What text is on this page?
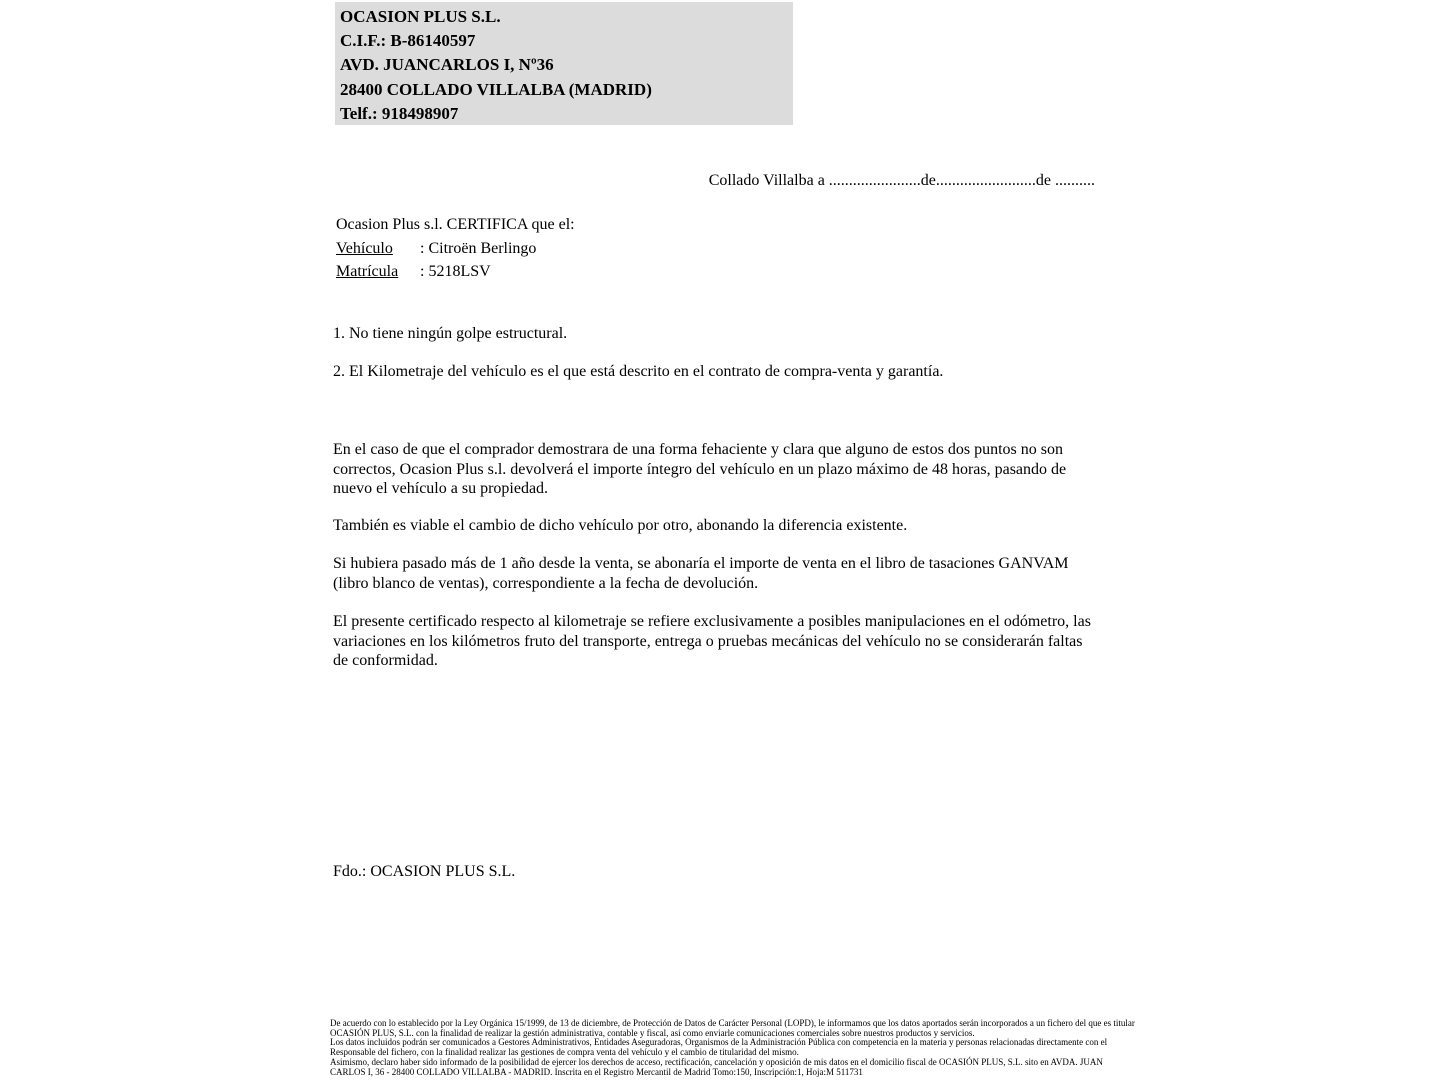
OCASION PLUS S.L.
C.I.F.: B-86140597
AVD. JUANCARLOS I, Nº36
28400 COLLADO VILLALBA (MADRID)
Telf.: 918498907
Collado Villalba a .......................de.........................de ..........
Ocasion Plus s.l. CERTIFICA que el:
Vehículo : Citroën Berlingo
Matrícula : 5218LSV
1. No tiene ningún golpe estructural.
2. El Kilometraje del vehículo es el que está descrito en el contrato de compra-venta y garantía.

En el caso de que el comprador demostrara de una forma fehaciente y clara que alguno de estos dos puntos no son correctos, Ocasion Plus s.l. devolverá el importe íntegro del vehículo en un plazo máximo de 48 horas, pasando de nuevo el vehículo a su propiedad.

También es viable el cambio de dicho vehículo por otro, abonando la diferencia existente.

Si hubiera pasado más de 1 año desde la venta, se abonaría el importe de venta en el libro de tasaciones GANVAM (libro blanco de ventas), correspondiente a la fecha de devolución.

El presente certificado respecto al kilometraje se refiere exclusivamente a posibles manipulaciones en el odómetro, las variaciones en los kilómetros fruto del transporte, entrega o pruebas mecánicas del vehículo no se considerarán faltas de conformidad.

Fdo.: OCASION PLUS S.L.
De acuerdo con lo establecido por la Ley Orgánica 15/1999, de 13 de diciembre, de Protección de Datos de Carácter Personal (LOPD), le informamos que los datos aportados serán incorporados a un fichero del que es titular
OCASIÓN PLUS, S.L. con la finalidad de realizar la gestión administrativa, contable y fiscal, así como enviarle comunicaciones comerciales sobre nuestros productos y servicios.
Los datos incluidos podrán ser comunicados a Gestores Administrativos, Entidades Aseguradoras, Organismos de la Administración Pública con competencia en la materia y personas relacionadas directamente con el
Responsable del fichero, con la finalidad realizar las gestiones de compra venta del vehículo y el cambio de titularidad del mismo.
Asimismo, declaro haber sido informado de la posibilidad de ejercer los derechos de acceso, rectificación, cancelación y oposición de mis datos en el domicilio fiscal de OCASIÓN PLUS, S.L. sito en AVDA. JUAN
CARLOS I, 36 - 28400 COLLADO VILLALBA - MADRID. Inscrita en el Registro Mercantil de Madrid Tomo:150, Inscripción:1, Hoja:M 511731
